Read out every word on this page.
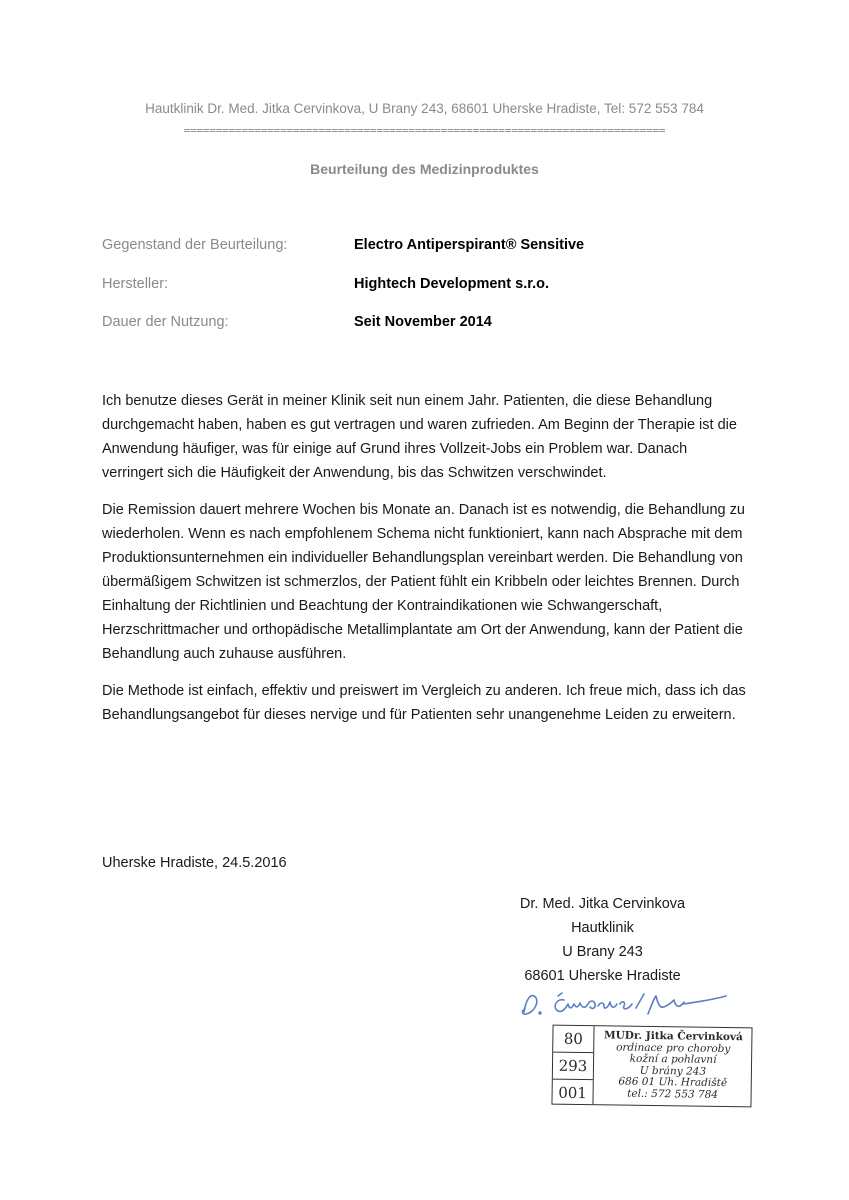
Hautklinik Dr. Med. Jitka Cervinkova, U Brany 243, 68601 Uherske Hradiste, Tel: 572 553 784
===========================================================================
Beurteilung des Medizinproduktes
Gegenstand der Beurteilung:	Electro Antiperspirant® Sensitive
Hersteller:	Hightech Development s.r.o.
Dauer der Nutzung:	Seit November 2014

Ich benutze dieses Gerät in meiner Klinik seit nun einem Jahr. Patienten, die diese Behandlung durchgemacht haben, haben es gut vertragen und waren zufrieden. Am Beginn der Therapie ist die Anwendung häufiger, was für einige auf Grund ihres Vollzeit-Jobs ein Problem war. Danach verringert sich die Häufigkeit der Anwendung, bis das Schwitzen verschwindet.

Die Remission dauert mehrere Wochen bis Monate an. Danach ist es notwendig, die Behandlung zu wiederholen. Wenn es nach empfohlenem Schema nicht funktioniert, kann nach Absprache mit dem Produktionsunternehmen ein individueller Behandlungsplan vereinbart werden. Die Behandlung von übermäßigem Schwitzen ist schmerzlos, der Patient fühlt ein Kribbeln oder leichtes Brennen. Durch Einhaltung der Richtlinien und Beachtung der Kontraindikationen wie Schwangerschaft, Herzschrittmacher und orthopädische Metallimplantate am Ort der Anwendung, kann der Patient die Behandlung auch zuhause ausführen.

Die Methode ist einfach, effektiv und preiswert im Vergleich zu anderen. Ich freue mich, dass ich das Behandlungsangebot für dieses nervige und für Patienten sehr unangenehme Leiden zu erweitern.

Uherske Hradiste, 24.5.2016
Dr. Med. Jitka Cervinkova
Hautklinik
U Brany 243
68601 Uherske Hradiste
80
293
001
MUDr. Jitka Červinková
ordinace pro choroby
kožní a pohlavní
U brány 243
686 01 Uh. Hradiště
tel.: 572 553 784
